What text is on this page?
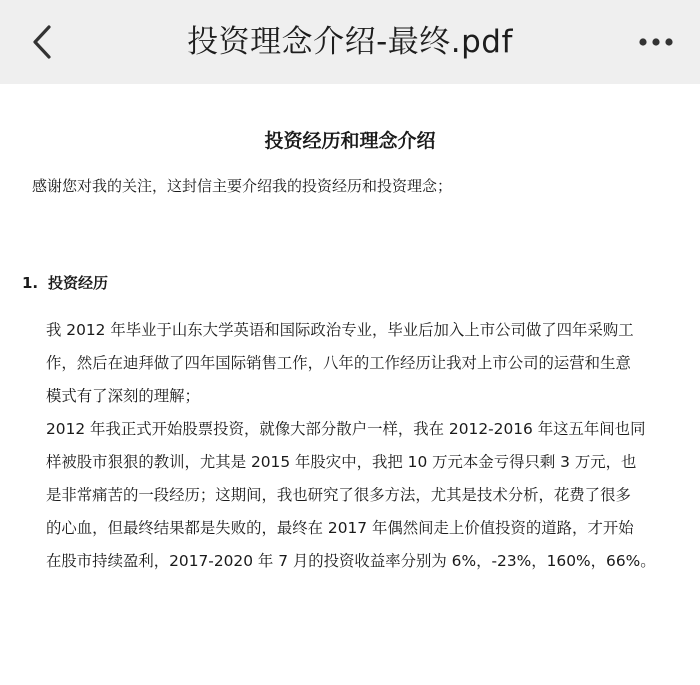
投资理念介绍-最终.pdf
投资经历和理念介绍
感谢您对我的关注，这封信主要介绍我的投资经历和投资理念；
1. 投资经历
我 2012 年毕业于山东大学英语和国际政治专业，毕业后加入上市公司做了四年采购工
作，然后在迪拜做了四年国际销售工作，八年的工作经历让我对上市公司的运营和生意
模式有了深刻的理解；
2012 年我正式开始股票投资，就像大部分散户一样，我在 2012-2016 年这五年间也同
样被股市狠狠的教训，尤其是 2015 年股灾中，我把 10 万元本金亏得只剩 3 万元，也
是非常痛苦的一段经历；这期间，我也研究了很多方法，尤其是技术分析，花费了很多
的心血，但最终结果都是失败的，最终在 2017 年偶然间走上价值投资的道路，才开始
在股市持续盈利，2017-2020 年 7 月的投资收益率分别为 6%，-23%，160%，66%。
